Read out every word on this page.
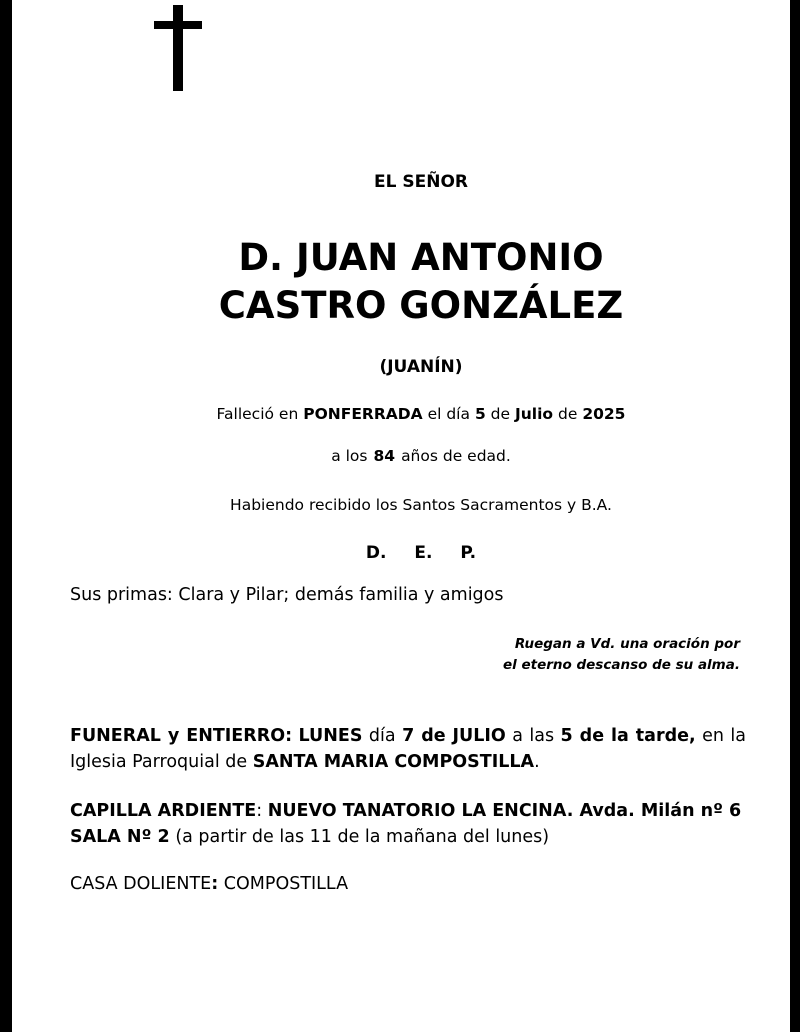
EL SEÑOR
D. JUAN ANTONIO
CASTRO GONZÁLEZ
(JUANÍN)
Falleció en PONFERRADA el día 5 de Julio de 2025
a los 84 años de edad.
Habiendo recibido los Santos Sacramentos y B.A.
D. E. P.
Sus primas: Clara y Pilar; demás familia y amigos
Ruegan a Vd. una oración por
el eterno descanso de su alma.
FUNERAL y ENTIERRO: LUNES día 7 de JULIO a las 5 de la tarde, en la Iglesia Parroquial de SANTA MARIA COMPOSTILLA.
CAPILLA ARDIENTE: NUEVO TANATORIO LA ENCINA. Avda. Milán nº 6
SALA Nº 2 (a partir de las 11 de la mañana del lunes)
CASA DOLIENTE: COMPOSTILLA
